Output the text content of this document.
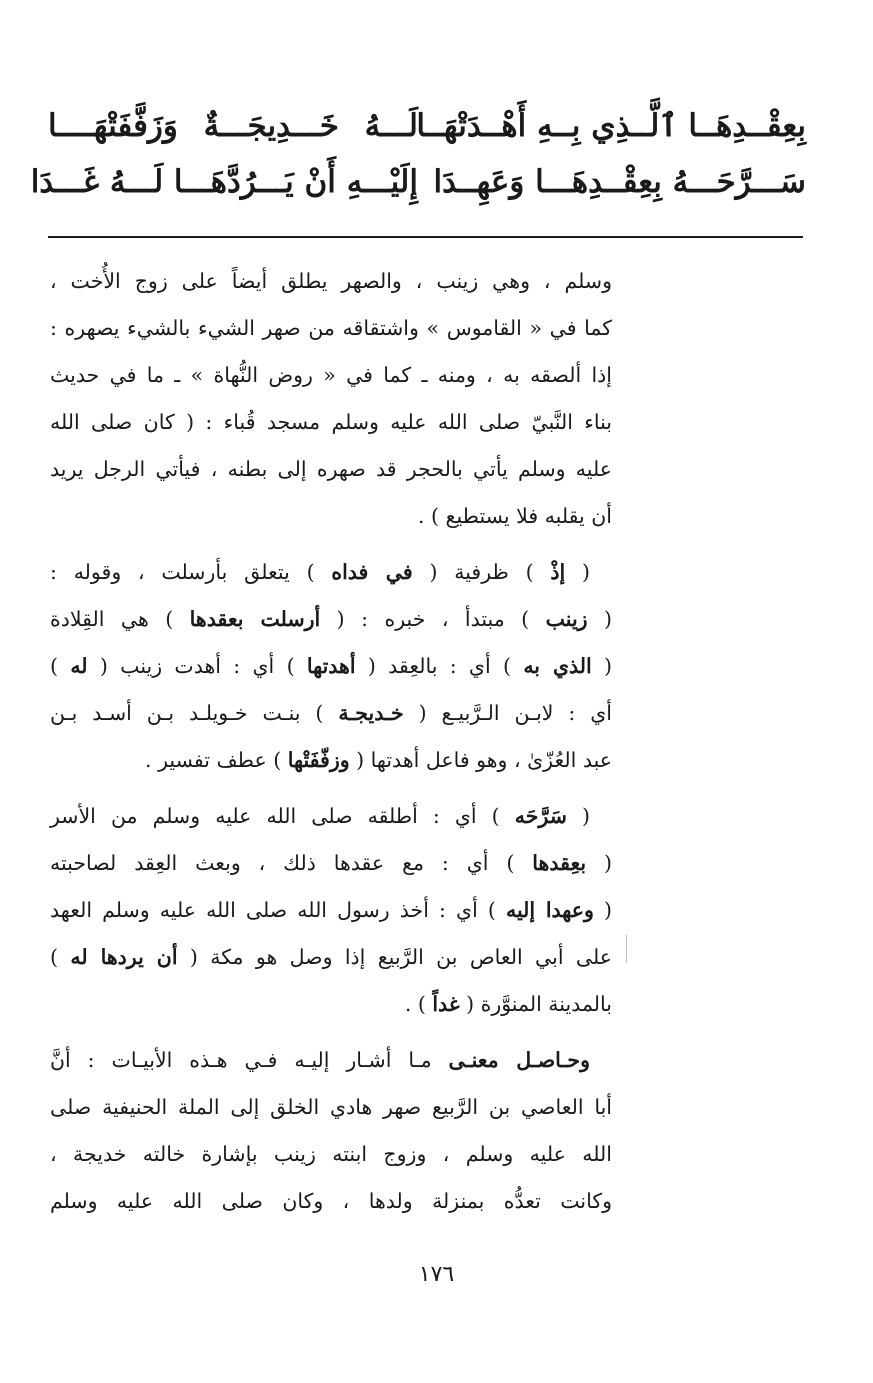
بِعِقْــدِهَــا ٱلَّــذِي بِــهِ أَهْــدَتْهَــا
لَـــهُ خَـــدِيجَـــةٌ وَزَفَّفَتْهَــــا
سَـــرَّحَـــهُ بِعِقْــدِهَـــا وَعَهِــدَا
إِلَيْـــهِ أَنْ يَـــرُدَّهَـــا لَـــهُ غَـــدَا
وسلم ، وهي زينب ، والصهر يطلق أيضاً على زوج الأُخت ،
كما في « القاموس » واشتقاقه من صهر الشيء بالشيء يصهره :
إذا ألصقه به ، ومنه ـ كما في « روض النُّهاة » ـ ما في حديث
بناء النَّبيّ صلى الله عليه وسلم مسجد قُباء : ( كان صلى الله
عليه وسلم يأتي بالحجر قد صهره إلى بطنه ، فيأتي الرجل يريد
أن يقلبه فلا يستطيع ) .
( إذْ ) ظرفية ( في فداه ) يتعلق بأرسلت ، وقوله :
( زينب ) مبتدأ ، خبره : ( أرسلت بعقدها ) هي القِلادة
( الذي به ) أي : بالعِقد ( أهدتها ) أي : أهدت زينب ( له )
أي : لابـن الـرَّبيـع ( خـديجـة ) بنـت خـويلـد بـن أسـد بـن
عبد العُزّىٰ ، وهو فاعل أهدتها ( وزفّفَتْها ) عطف تفسير .
( سَرَّحَه ) أي : أطلقه صلى الله عليه وسلم من الأسر
( بعِقدها ) أي : مع عقدها ذلك ، وبعث العِقد لصاحبته
( وعهدا إليه ) أي : أخذ رسول الله صلى الله عليه وسلم العهد
على أبي العاص بن الرَّبيع إذا وصل هو مكة ( أن يردها له )
بالمدينة المنوَّرة ( غداً ) .
وحـاصـل معنـى مـا أشـار إليـه فـي هـذه الأبيـات : أنَّ
أبا العاصي بن الرَّبيع صهر هادي الخلق إلى الملة الحنيفية صلى
الله عليه وسلم ، وزوج ابنته زينب بإشارة خالته خديجة ،
وكانت تعدُّه بمنزلة ولدها ، وكان صلى الله عليه وسلم
١٧٦
